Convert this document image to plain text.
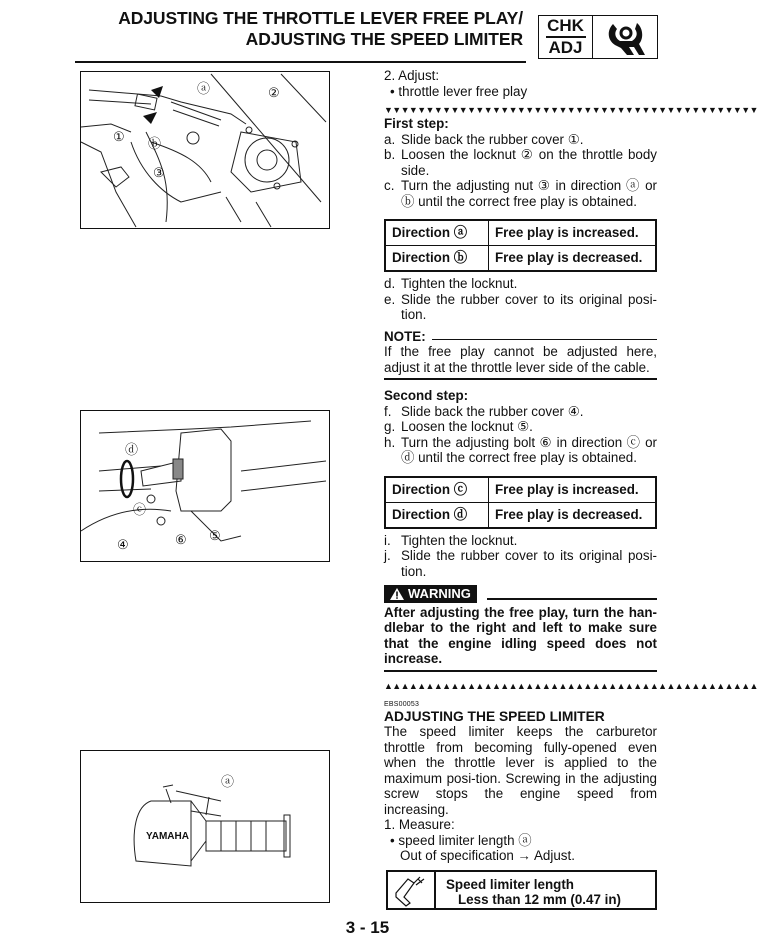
ADJUSTING THE THROTTLE LEVER FREE PLAY/
ADJUSTING THE SPEED LIMITER
CHK
ADJ
ⓐ	②
① ⓑ
③
ⓓ
ⓒ
④	⑥ ⑤
YAMAHA
ⓐ

2. Adjust:

• throttle lever free play

▼▼▼▼▼▼▼▼▼▼▼▼▼▼▼▼▼▼▼▼▼▼▼▼▼▼▼▼▼▼▼▼▼▼▼▼▼▼▼▼▼▼▼▼▼

First step:

a. Slide back the rubber cover ①.
b. Loosen the locknut ② on the throttle body side.
c. Turn the adjusting nut ③ in direction ⓐ or ⓑ until the correct free play is obtained.
Direction ⓐ	Free play is increased.
Direction ⓑ	Free play is decreased.
d. Tighten the locknut.
e. Slide the rubber cover to its original posi-tion.
NOTE:

If the free play cannot be adjusted here, adjust it at the throttle lever side of the cable.

Second step:

f. Slide back the rubber cover ④.
g. Loosen the locknut ⑤.
h. Turn the adjusting bolt ⑥ in direction ⓒ or ⓓ until the correct free play is obtained.
Direction ⓒ	Free play is increased.
Direction ⓓ	Free play is decreased.
i. Tighten the locknut.
j. Slide the rubber cover to its original posi-tion.
WARNING

After adjusting the free play, turn the han-dlebar to the right and left to make sure that the engine idling speed does not increase.

▲▲▲▲▲▲▲▲▲▲▲▲▲▲▲▲▲▲▲▲▲▲▲▲▲▲▲▲▲▲▲▲▲▲▲▲▲▲▲▲▲▲▲▲▲
EBS00053

ADJUSTING THE SPEED LIMITER

The speed limiter keeps the carburetor throttle from becoming fully-opened even when the throttle lever is applied to the maximum posi-tion. Screwing in the adjusting screw stops the engine speed from increasing.

1. Measure:

• speed limiter length ⓐ

Out of specification → Adjust.

Speed limiter length
Less than 12 mm (0.47 in)
3 - 15
